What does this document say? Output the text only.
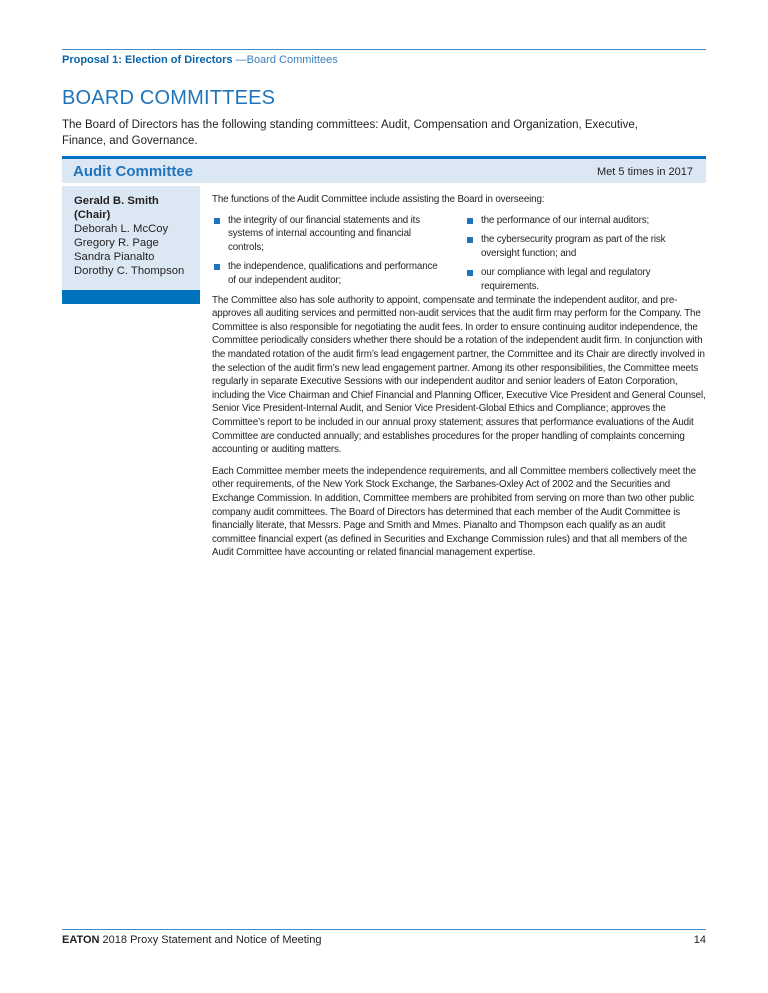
Proposal 1: Election of Directors —Board Committees
BOARD COMMITTEES
The Board of Directors has the following standing committees: Audit, Compensation and Organization, Executive, Finance, and Governance.
Audit Committee	Met 5 times in 2017
Gerald B. Smith
(Chair)
Deborah L. McCoy
Gregory R. Page
Sandra Pianalto
Dorothy C. Thompson

The functions of the Audit Committee include assisting the Board in overseeing:

the integrity of our financial statements and its systems of internal accounting and financial controls;
the independence, qualifications and performance of our independent auditor;
the performance of our internal auditors;
the cybersecurity program as part of the risk oversight function; and
our compliance with legal and regulatory requirements.

The Committee also has sole authority to appoint, compensate and terminate the independent auditor, and pre-approves all auditing services and permitted non-audit services that the audit firm may perform for the Company. The Committee is also responsible for negotiating the audit fees. In order to ensure continuing auditor independence, the Committee periodically considers whether there should be a rotation of the independent audit firm. In conjunction with the mandated rotation of the audit firm’s lead engagement partner, the Committee and its Chair are directly involved in the selection of the audit firm’s new lead engagement partner. Among its other responsibilities, the Committee meets regularly in separate Executive Sessions with our independent auditor and senior leaders of Eaton Corporation, including the Vice Chairman and Chief Financial and Planning Officer, Executive Vice President and General Counsel, Senior Vice President-Internal Audit, and Senior Vice President-Global Ethics and Compliance; approves the Committee’s report to be included in our annual proxy statement; assures that performance evaluations of the Audit Committee are conducted annually; and establishes procedures for the proper handling of complaints concerning accounting or auditing matters.

Each Committee member meets the independence requirements, and all Committee members collectively meet the other requirements, of the New York Stock Exchange, the Sarbanes-Oxley Act of 2002 and the Securities and Exchange Commission. In addition, Committee members are prohibited from serving on more than two other public company audit committees. The Board of Directors has determined that each member of the Audit Committee is financially literate, that Messrs. Page and Smith and Mmes. Pianalto and Thompson each qualify as an audit committee financial expert (as defined in Securities and Exchange Commission rules) and that all members of the Audit Committee have accounting or related financial management expertise.

EATON 2018 Proxy Statement and Notice of Meeting	14
